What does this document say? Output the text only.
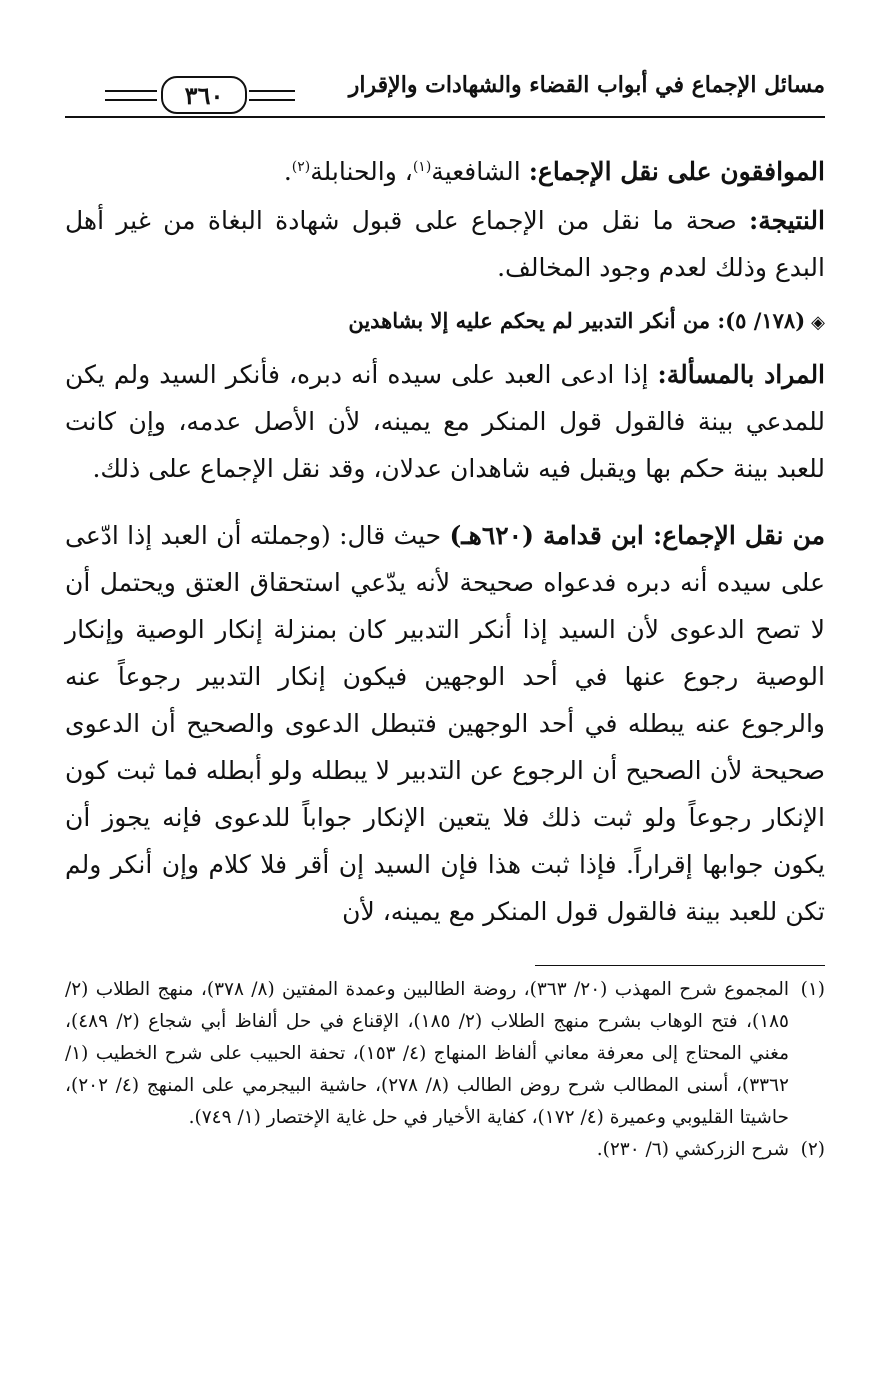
مسائل الإجماع في أبواب القضاء والشهادات والإقرار
٣٦٠

الموافقون على نقل الإجماع: الشافعية$^{(١)}$، والحنابلة$^{(٢)}$.

النتيجة: صحة ما نقل من الإجماع على قبول شهادة البغاة من غير أهل البدع وذلك لعدم وجود المخالف.

◈(١٧٨/ ٥): من أنكر التدبير لم يحكم عليه إلا بشاهدين

المراد بالمسألة: إذا ادعى العبد على سيده أنه دبره، فأنكر السيد ولم يكن للمدعي بينة فالقول قول المنكر مع يمينه، لأن الأصل عدمه، وإن كانت للعبد بينة حكم بها ويقبل فيه شاهدان عدلان، وقد نقل الإجماع على ذلك.

من نقل الإجماع: ابن قدامة (٦٢٠هـ) حيث قال: (وجملته أن العبد إذا ادّعى على سيده أنه دبره فدعواه صحيحة لأنه يدّعي استحقاق العتق ويحتمل أن لا تصح الدعوى لأن السيد إذا أنكر التدبير كان بمنزلة إنكار الوصية وإنكار الوصية رجوع عنها في أحد الوجهين فيكون إنكار التدبير رجوعاً عنه والرجوع عنه يبطله في أحد الوجهين فتبطل الدعوى والصحيح أن الدعوى صحيحة لأن الصحيح أن الرجوع عن التدبير لا يبطله ولو أبطله فما ثبت كون الإنكار رجوعاً ولو ثبت ذلك فلا يتعين الإنكار جواباً للدعوى فإنه يجوز أن يكون جوابها إقراراً. فإذا ثبت هذا فإن السيد إن أقر فلا كلام وإن أنكر ولم تكن للعبد بينة فالقول قول المنكر مع يمينه، لأن

(١)
المجموع شرح المهذب (٢٠/ ٣٦٣)، روضة الطالبين وعمدة المفتين (٨/ ٣٧٨)، منهج الطلاب (٢/ ١٨٥)، فتح الوهاب بشرح منهج الطلاب (٢/ ١٨٥)، الإقناع في حل ألفاظ أبي شجاع (٢/ ٤٨٩)، مغني المحتاج إلى معرفة معاني ألفاظ المنهاج (٤/ ١٥٣)، تحفة الحبيب على شرح الخطيب (١/ ٣٣٦٢)، أسنى المطالب شرح روض الطالب (٨/ ٢٧٨)، حاشية البيجرمي على المنهج (٤/ ٢٠٢)، حاشيتا القليوبي وعميرة (٤/ ١٧٢)، كفاية الأخيار في حل غاية الإختصار (١/ ٧٤٩).

(٢)
شرح الزركشي (٦/ ٢٣٠).
